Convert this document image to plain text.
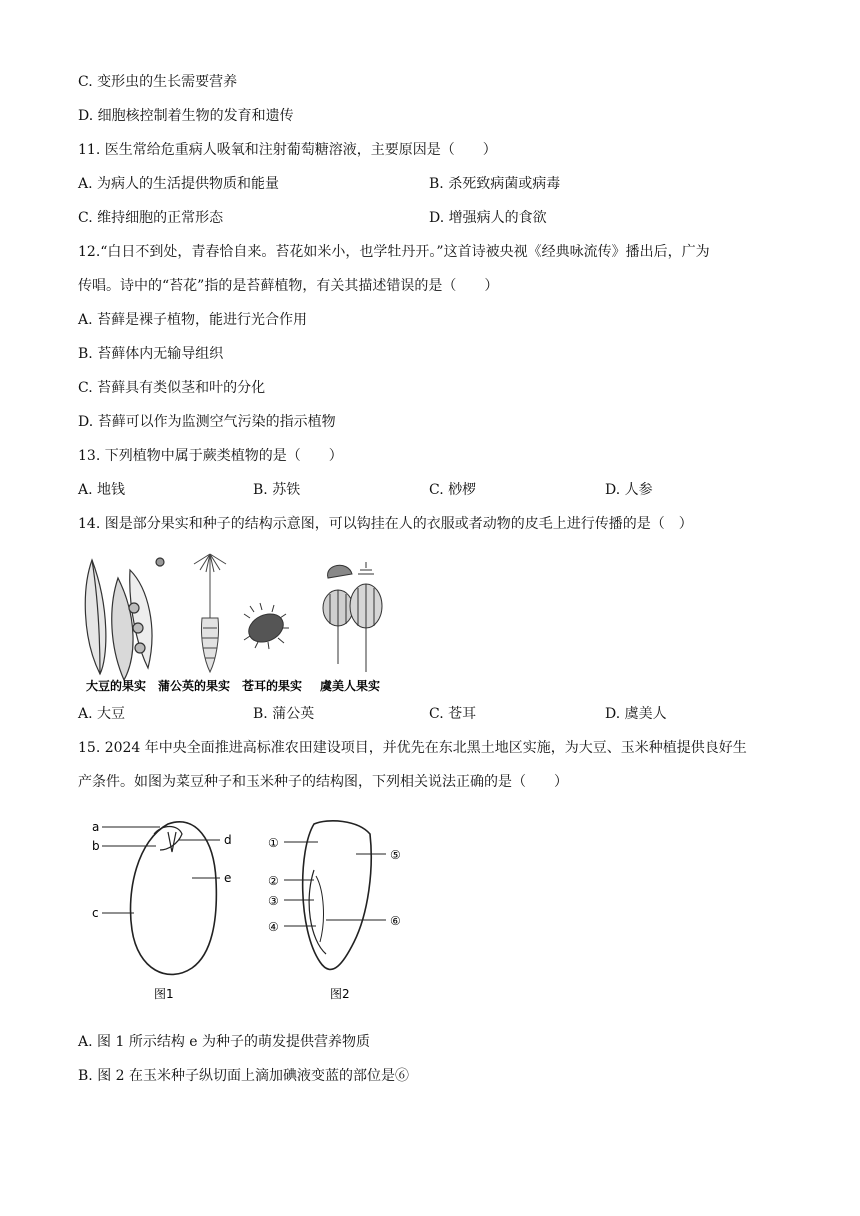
C. 变形虫的生长需要营养
D. 细胞核控制着生物的发育和遗传
11. 医生常给危重病人吸氧和注射葡萄糖溶液，主要原因是（　　）
A. 为病人的生活提供物质和能量	B. 杀死致病菌或病毒
C. 维持细胞的正常形态	D. 增强病人的食欲
12.“白日不到处，青春恰自来。苔花如米小，也学牡丹开。”这首诗被央视《经典咏流传》播出后，广为
传唱。诗中的“苔花”指的是苔藓植物，有关其描述错误的是（　　）
A. 苔藓是裸子植物，能进行光合作用
B. 苔藓体内无输导组织
C. 苔藓具有类似茎和叶的分化
D. 苔藓可以作为监测空气污染的指示植物
13. 下列植物中属于蕨类植物的是（　　）
A. 地钱	B. 苏铁	C. 桫椤	D. 人参
14. 图是部分果实和种子的结构示意图，可以钩挂在人的衣服或者动物的皮毛上进行传播的是（　）
大豆的果实 蒲公英的果实 苍耳的果实 虞美人果实
A. 大豆	B. 蒲公英	C. 苍耳	D. 虞美人
15. 2024 年中央全面推进高标准农田建设项目，并优先在东北黑土地区实施，为大豆、玉米种植提供良好生
产条件。如图为菜豆种子和玉米种子的结构图，下列相关说法正确的是（　　）
a
b
c
d
e
图1
①
②
③
④
⑤
⑥
图2
A. 图 1 所示结构 e 为种子的萌发提供营养物质
B. 图 2 在玉米种子纵切面上滴加碘液变蓝的部位是⑥
